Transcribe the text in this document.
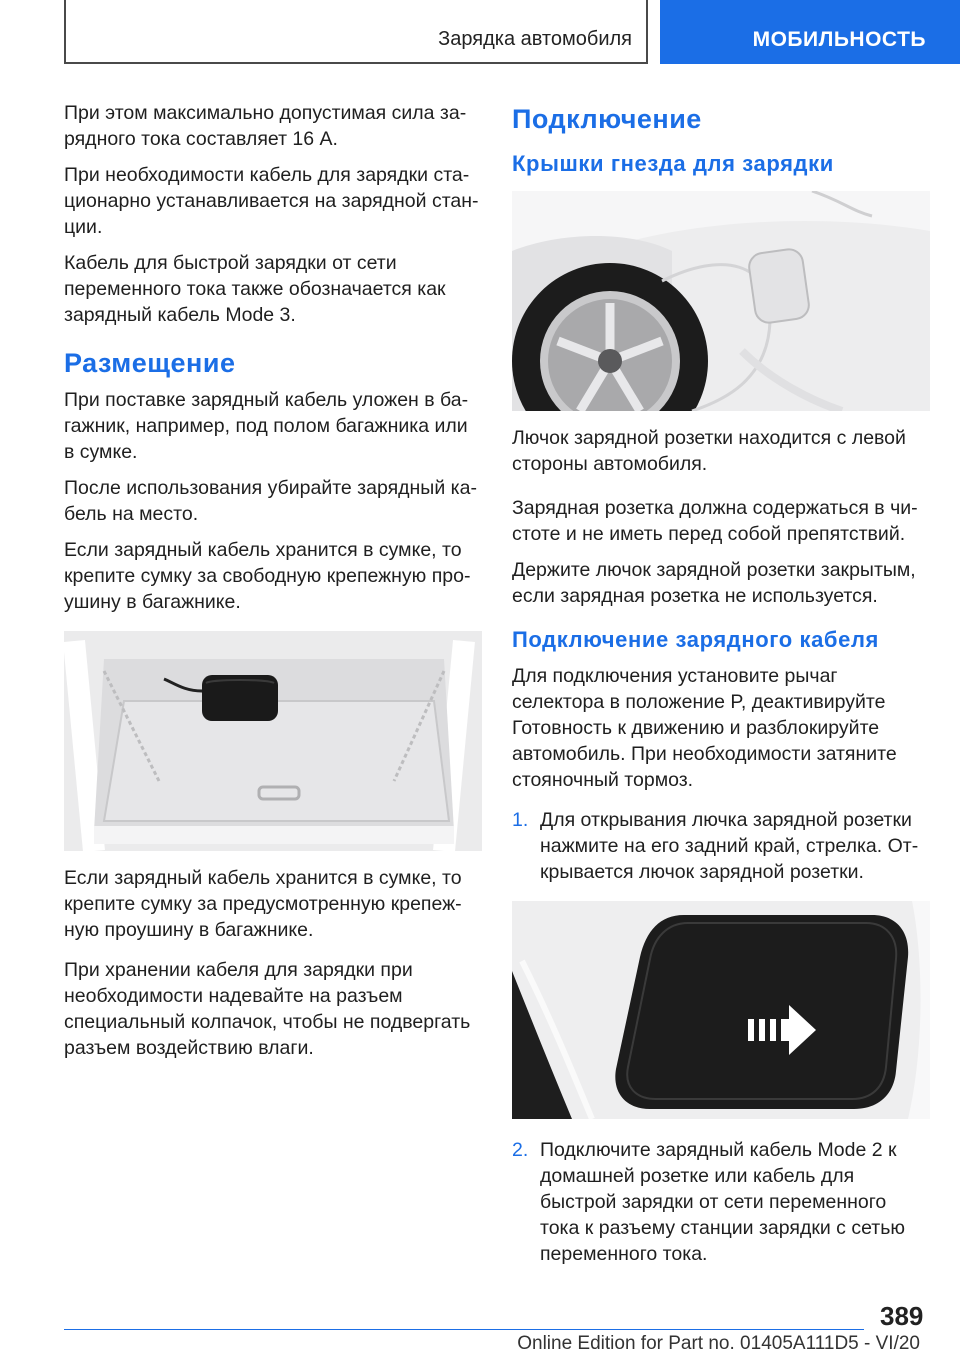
Зарядка автомобиля	МОБИЛЬНОСТЬ

При этом максимально допустимая сила зарядного тока составляет 16 A.

При необходимости кабель для зарядки стационарно устанавливается на зарядной станции.

Кабель для быстрой зарядки от сети переменного тока также обозначается как зарядный кабель Mode 3.

Размещение

При поставке зарядный кабель уложен в багажник, например, под полом багажника или в сумке.

После использования убирайте зарядный кабель на место.

Если зарядный кабель хранится в сумке, то крепите сумку за свободную крепежную проушину в багажнике.

Если зарядный кабель хранится в сумке, то крепите сумку за предусмотренную крепежную проушину в багажнике.

При хранении кабеля для зарядки при необходимости надевайте на разъем специальный колпачок, чтобы не подвергать разъем воздействию влаги.

Подключение
Крышки гнезда для зарядки

Лючок зарядной розетки находится с левой стороны автомобиля.

Зарядная розетка должна содержаться в чистоте и не иметь перед собой препятствий.

Держите лючок зарядной розетки закрытым, если зарядная розетка не используется.

Подключение зарядного кабеля

Для подключения установите рычаг селектора в положение P, деактивируйте Готовность к движению и разблокируйте автомобиль. При необходимости затяните стояночный тормоз.

1. Для открывания лючка зарядной розетки нажмите на его задний край, стрелка. Открывается лючок зарядной розетки.
2. Подключите зарядный кабель Mode 2 к домашней розетке или кабель для быстрой зарядки от сети переменного тока к разъему станции зарядки с сетью переменного тока.
389
Online Edition for Part no. 01405A111D5 - VI/20
